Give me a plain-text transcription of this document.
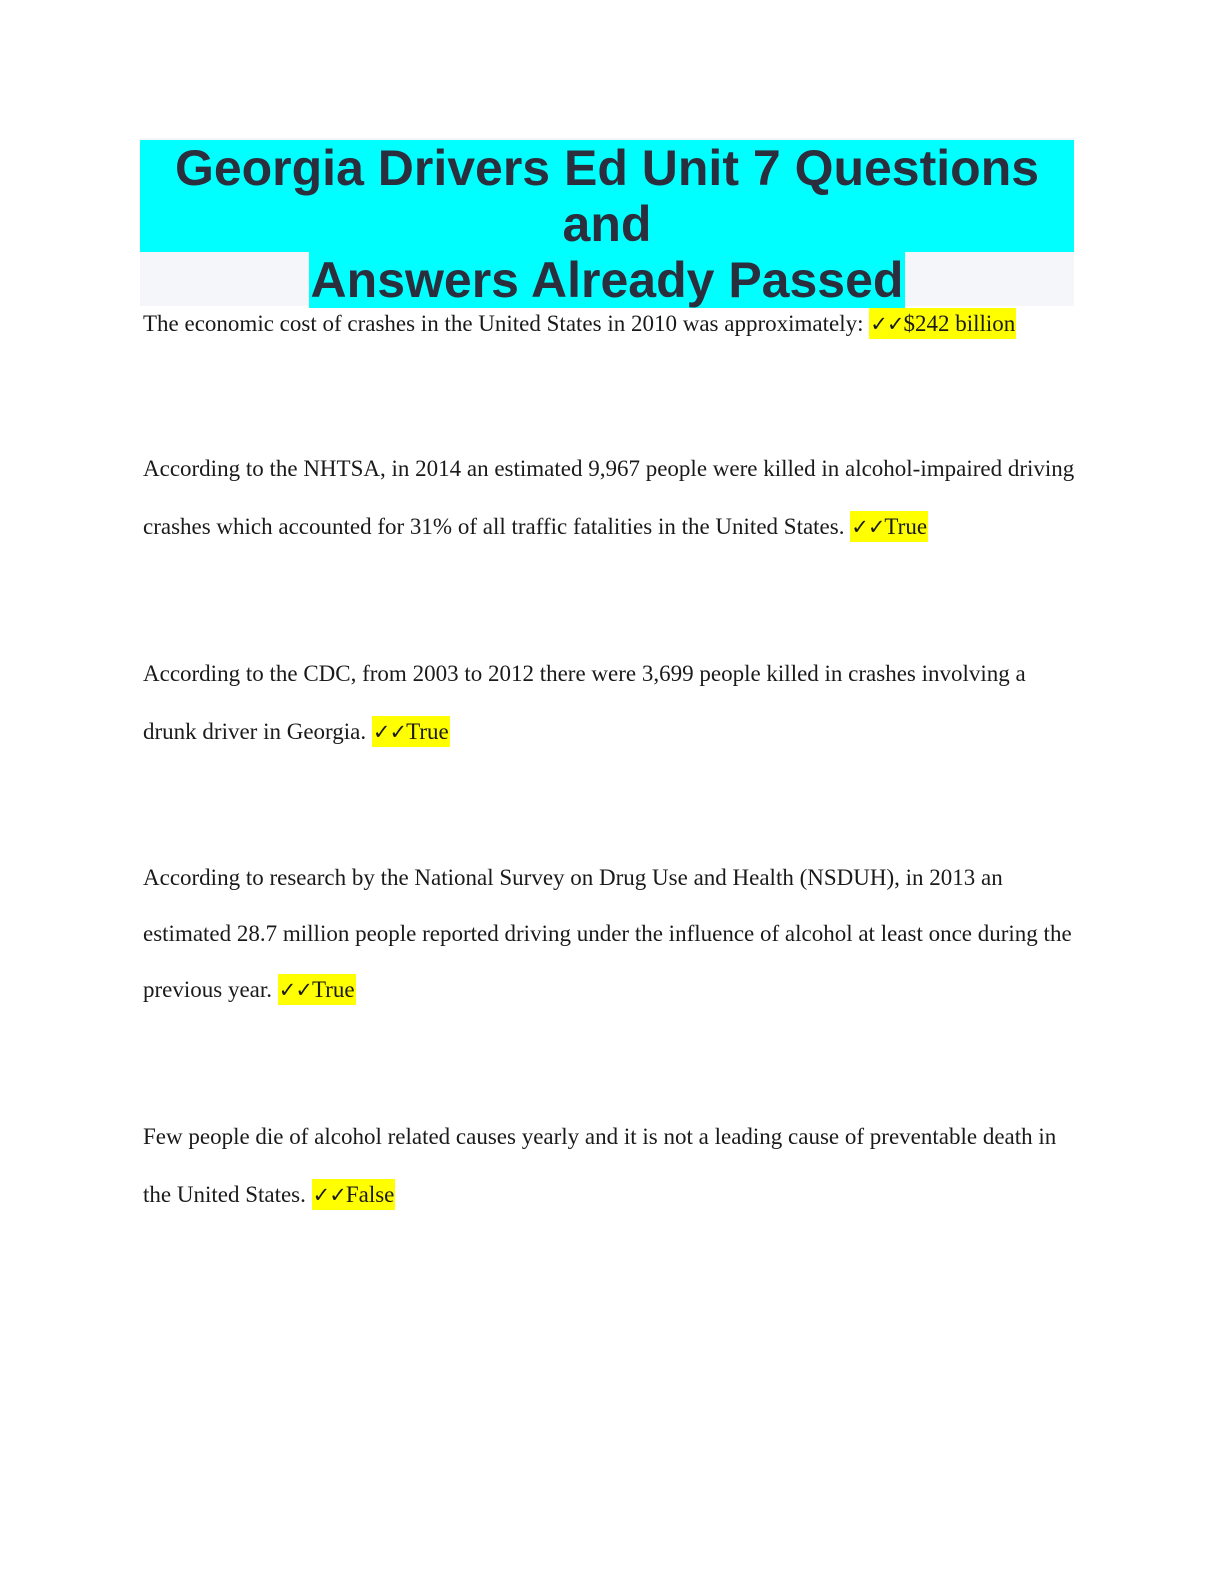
Georgia Drivers Ed Unit 7 Questions and
Answers Already Passed
The economic cost of crashes in the United States in 2010 was approximately: ✓✓$242 billion
According to the NHTSA, in 2014 an estimated 9,967 people were killed in alcohol-impaired driving crashes which accounted for 31% of all traffic fatalities in the United States. ✓✓True
According to the CDC, from 2003 to 2012 there were 3,699 people killed in crashes involving a drunk driver in Georgia. ✓✓True
According to research by the National Survey on Drug Use and Health (NSDUH), in 2013 an estimated 28.7 million people reported driving under the influence of alcohol at least once during the previous year. ✓✓True
Few people die of alcohol related causes yearly and it is not a leading cause of preventable death in the United States. ✓✓False
